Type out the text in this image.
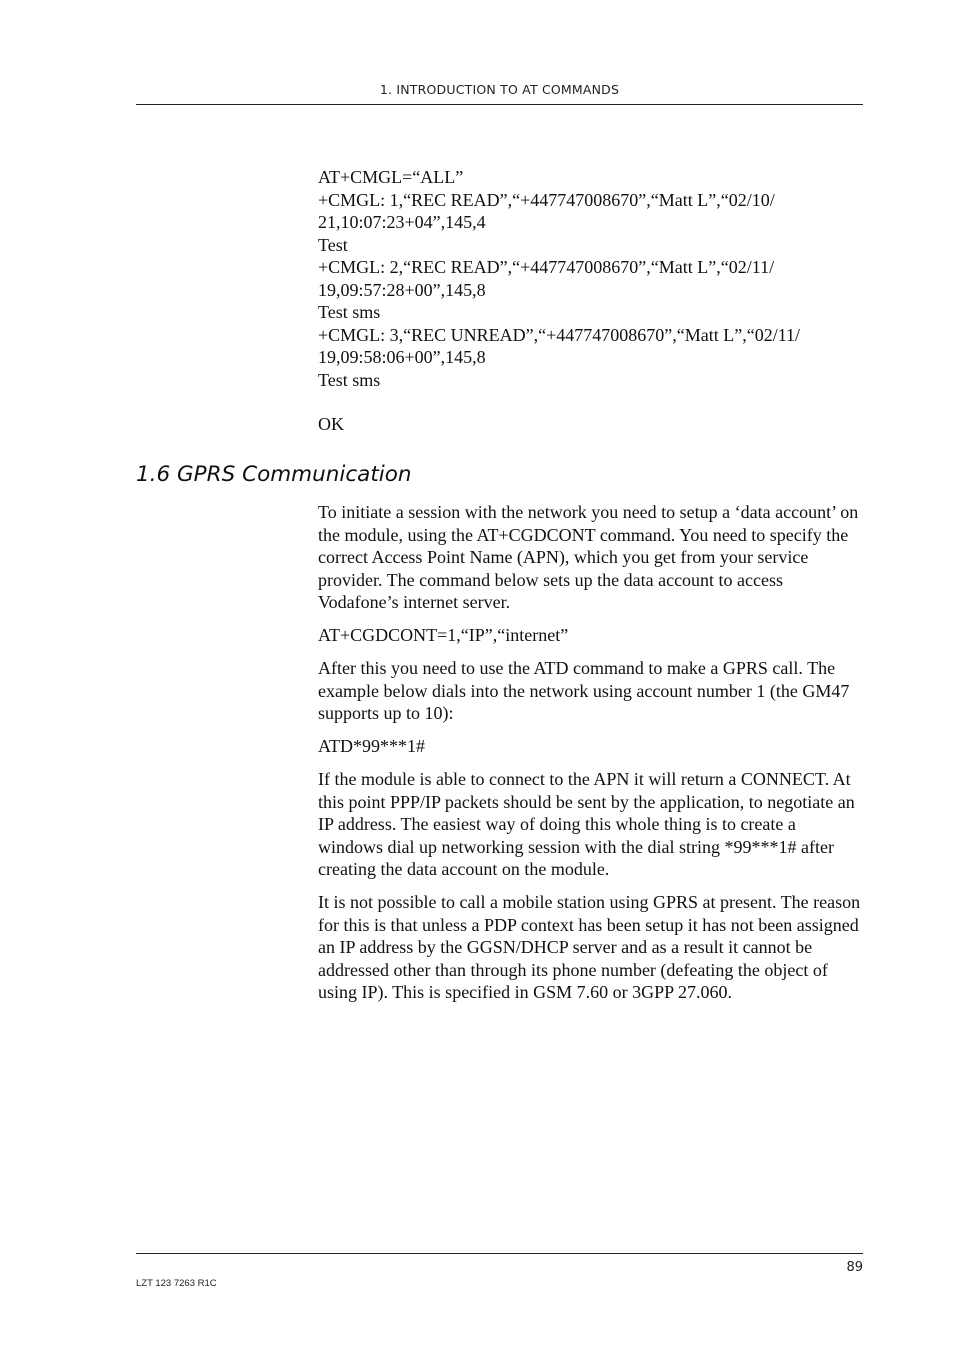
1. INTRODUCTION TO AT COMMANDS
AT+CMGL=“ALL”
+CMGL: 1,“REC READ”,“+447747008670”,“Matt L”,“02/10/
21,10:07:23+04”,145,4
Test
+CMGL: 2,“REC READ”,“+447747008670”,“Matt L”,“02/11/
19,09:57:28+00”,145,8
Test sms
+CMGL: 3,“REC UNREAD”,“+447747008670”,“Matt L”,“02/11/
19,09:58:06+00”,145,8
Test sms
OK
1.6 GPRS Communication

To initiate a session with the network you need to setup a ‘data account’ on the module, using the AT+CGDCONT command. You need to specify the correct Access Point Name (APN), which you get from your service provider. The command below sets up the data account to access Vodafone’s internet server.

AT+CGDCONT=1,“IP”,“internet”

After this you need to use the ATD command to make a GPRS call. The example below dials into the network using account number 1 (the GM47 supports up to 10):

ATD*99***1#

If the module is able to connect to the APN it will return a CONNECT. At this point PPP/IP packets should be sent by the application, to negotiate an IP address. The easiest way of doing this whole thing is to create a windows dial up networking session with the dial string *99***1# after creating the data account on the module.

It is not possible to call a mobile station using GPRS at present. The reason for this is that unless a PDP context has been setup it has not been assigned an IP address by the GGSN/DHCP server and as a result it cannot be addressed other than through its phone number (defeating the object of using IP). This is specified in GSM 7.60 or 3GPP 27.060.

89
LZT 123 7263 R1C
